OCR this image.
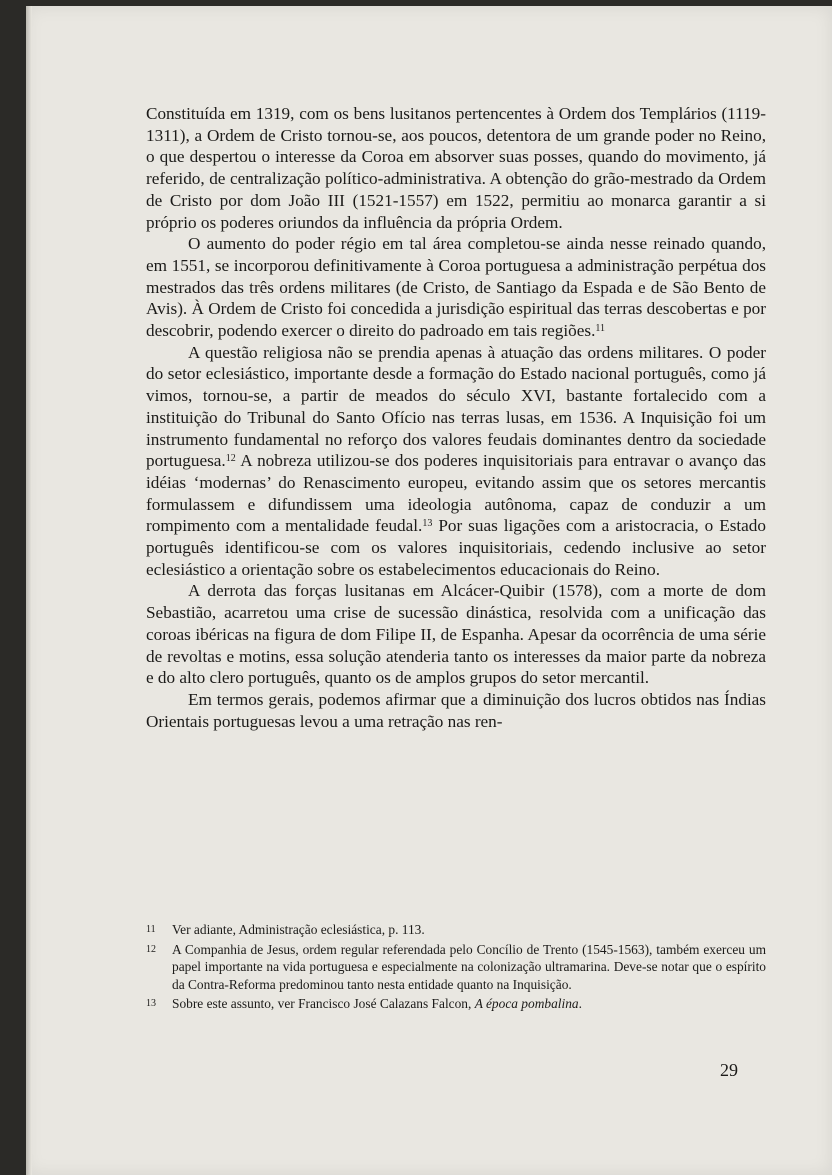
Constituída em 1319, com os bens lusitanos pertencentes à Ordem dos Templários (1119-1311), a Ordem de Cristo tornou-se, aos poucos, detentora de um grande poder no Reino, o que despertou o interesse da Coroa em absorver suas posses, quando do movimento, já referido, de centralização político-administrativa. A obtenção do grão-mestrado da Ordem de Cristo por dom João III (1521-1557) em 1522, permitiu ao monarca garantir a si próprio os poderes oriundos da influência da própria Ordem.

O aumento do poder régio em tal área completou-se ainda nesse reinado quando, em 1551, se incorporou definitivamente à Coroa portuguesa a administração perpétua dos mestrados das três ordens militares (de Cristo, de Santiago da Espada e de São Bento de Avis). À Ordem de Cristo foi concedida a jurisdição espiritual das terras descobertas e por descobrir, podendo exercer o direito do padroado em tais regiões.$^{11}$

A questão religiosa não se prendia apenas à atuação das ordens militares. O poder do setor eclesiástico, importante desde a formação do Estado nacional português, como já vimos, tornou-se, a partir de meados do século XVI, bastante fortalecido com a instituição do Tribunal do Santo Ofício nas terras lusas, em 1536. A Inquisição foi um instrumento fundamental no reforço dos valores feudais dominantes dentro da sociedade portuguesa.$^{12}$ A nobreza utilizou-se dos poderes inquisitoriais para entravar o avanço das idéias ‘modernas’ do Renascimento europeu, evitando assim que os setores mercantis formulassem e difundissem uma ideologia autônoma, capaz de conduzir a um rompimento com a mentalidade feudal.$^{13}$ Por suas ligações com a aristocracia, o Estado português identificou-se com os valores inquisitoriais, cedendo inclusive ao setor eclesiástico a orientação sobre os estabelecimentos educacionais do Reino.

A derrota das forças lusitanas em Alcácer-Quibir (1578), com a morte de dom Sebastião, acarretou uma crise de sucessão dinástica, resolvida com a unificação das coroas ibéricas na figura de dom Filipe II, de Espanha. Apesar da ocorrência de uma série de revoltas e motins, essa solução atenderia tanto os interesses da maior parte da nobreza e do alto clero português, quanto os de amplos grupos do setor mercantil.

Em termos gerais, podemos afirmar que a diminuição dos lucros obtidos nas Índias Orientais portuguesas levou a uma retração nas ren-

11	Ver adiante, Administração eclesiástica, p. 113.
12	A Companhia de Jesus, ordem regular referendada pelo Concílio de Trento (1545-1563), também exerceu um papel importante na vida portuguesa e especialmente na colonização ultramarina. Deve-se notar que o espírito da Contra-Reforma predominou tanto nesta entidade quanto na Inquisição.
13	Sobre este assunto, ver Francisco José Calazans Falcon, A época pombalina.
29
